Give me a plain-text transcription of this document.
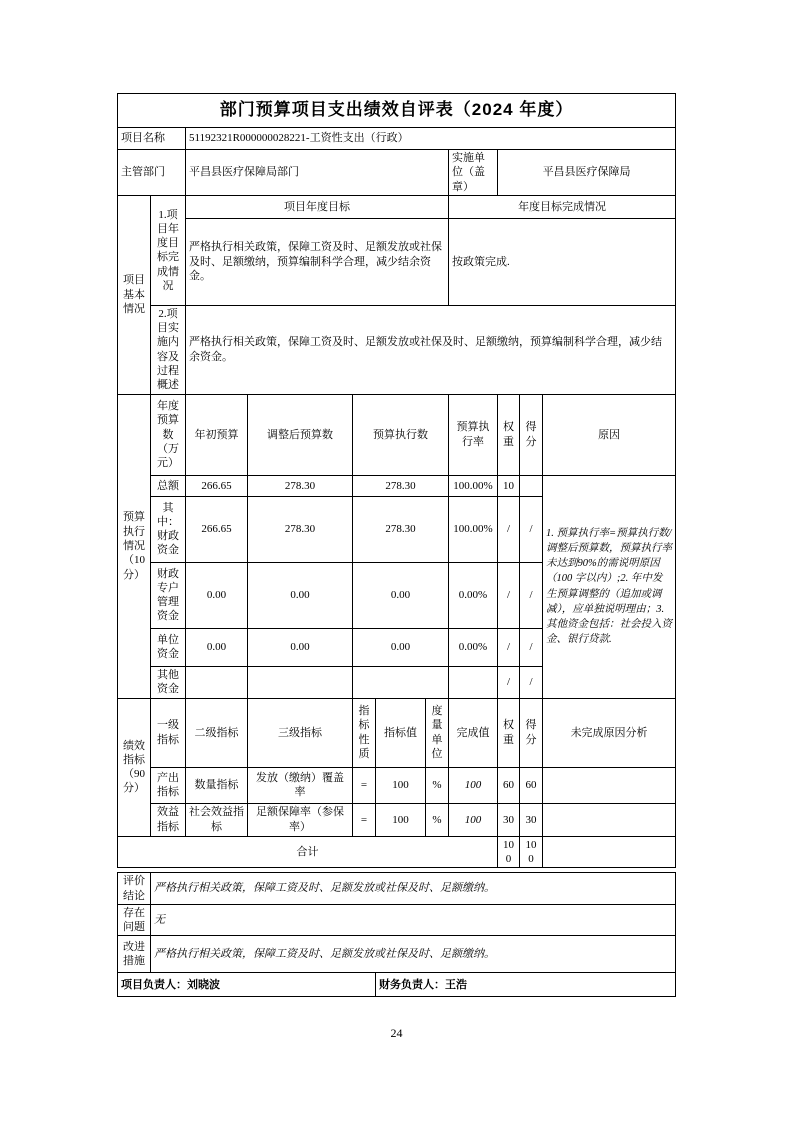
部门预算项目支出绩效自评表（2024 年度）										
项目名称		51192321R000000028221-工资性支出（行政）								
主管部门		平昌县医疗保障局部门					实施单位（盖章）	平昌县医疗保障局		
项目基本情况	1.项目年度目标完成情况	项目年度目标					年度目标完成情况			
		严格执行相关政策，保障工资及时、足额发放或社保及时、足额缴纳，预算编制科学合理，减少结余资金。					按政策完成.			
	2.项目实施内容及过程概述	严格执行相关政策，保障工资及时、足额发放或社保及时、足额缴纳，预算编制科学合理，减少结余资金。								
预算执行情况（10分）	年度预算数（万元）	年初预算	调整后预算数	预算执行数			预算执行率	权重	得分	原因
	总额	266.65	278.30	278.30			100.00%	10		1. 预算执行率=预算执行数/调整后预算数，预算执行率未达到90%的需说明原因（100 字以内）;2. 年中发生预算调整的（追加或调减），应单独说明理由；3. 其他资金包括：社会投入资金、银行贷款.
	其中：财政资金	266.65	278.30	278.30			100.00%	/	/	
	财政专户管理资金	0.00	0.00	0.00			0.00%	/	/	
	单位资金	0.00	0.00	0.00			0.00%	/	/	
	其他资金							/	/	
绩效指标（90分）	一级指标	二级指标	三级指标	指标性质	指标值	度量单位	完成值	权重	得分	未完成原因分析
	产出指标	数量指标	发放（缴纳）覆盖率	=	100	%	100	60	60	
	效益指标	社会效益指标	足额保障率（参保率）	=	100	%	100	30	30	
合计								100	100	
评价结论	严格执行相关政策，保障工资及时、足额发放或社保及时、足额缴纳。	
存在问题	无	
改进措施	严格执行相关政策，保障工资及时、足额发放或社保及时、足额缴纳。	
项目负责人：刘晓波		财务负责人：王浩
24
